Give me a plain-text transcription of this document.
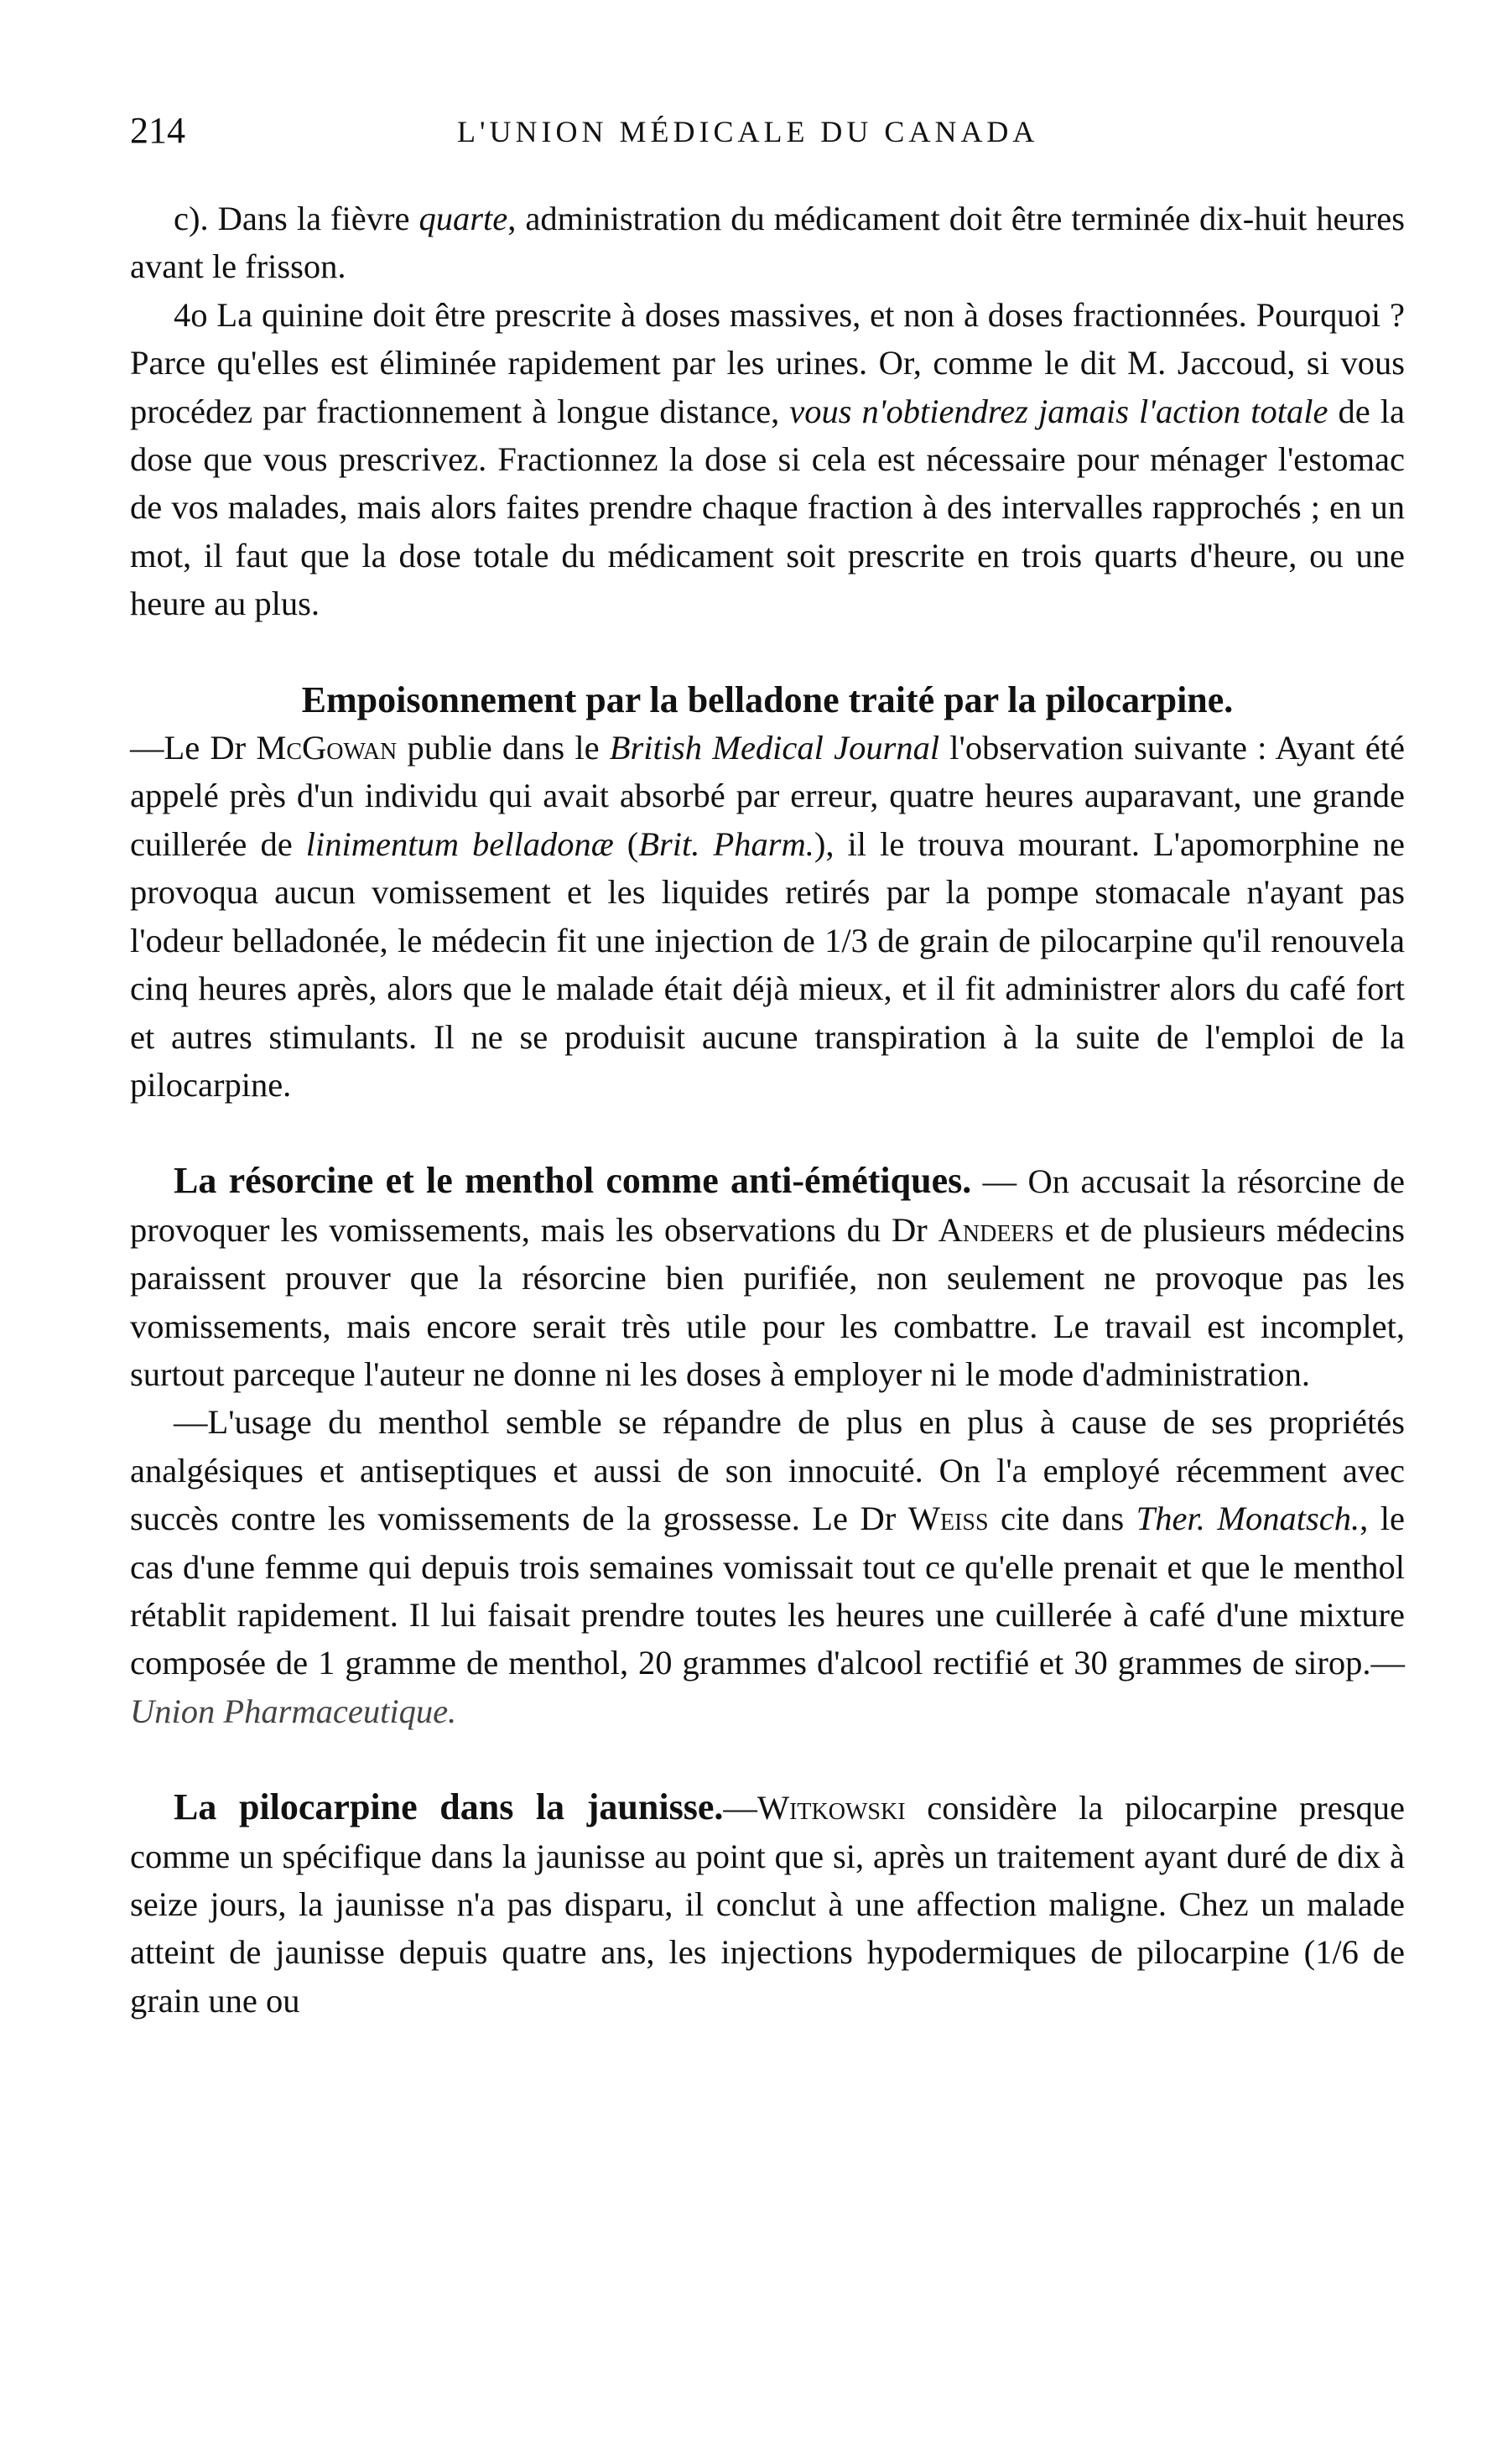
214	L'UNION MÉDICALE DU CANADA

c). Dans la fièvre quarte, administration du médicament doit être terminée dix-huit heures avant le frisson.

4o La quinine doit être prescrite à doses massives, et non à doses fractionnées. Pourquoi ? Parce qu'elles est éliminée rapidement par les urines. Or, comme le dit M. Jaccoud, si vous procédez par fractionnement à longue distance, vous n'obtiendrez jamais l'action totale de la dose que vous prescrivez. Fractionnez la dose si cela est nécessaire pour ménager l'estomac de vos malades, mais alors faites prendre chaque fraction à des intervalles rapprochés ; en un mot, il faut que la dose totale du médicament soit prescrite en trois quarts d'heure, ou une heure au plus.

Empoisonnement par la belladone traité par la pilocarpine.
—Le Dr McGowan publie dans le British Medical Journal l'observation suivante : Ayant été appelé près d'un individu qui avait absorbé par erreur, quatre heures auparavant, une grande cuillerée de linimentum belladonæ (Brit. Pharm.), il le trouva mourant. L'apomorphine ne provoqua aucun vomissement et les liquides retirés par la pompe stomacale n'ayant pas l'odeur belladonée, le médecin fit une injection de 1/3 de grain de pilocarpine qu'il renouvela cinq heures après, alors que le malade était déjà mieux, et il fit administrer alors du café fort et autres stimulants. Il ne se produisit aucune transpiration à la suite de l'emploi de la pilocarpine.

La résorcine et le menthol comme anti-émétiques. — On accusait la résorcine de provoquer les vomissements, mais les observations du Dr Andeers et de plusieurs médecins paraissent prouver que la résorcine bien purifiée, non seulement ne provoque pas les vomissements, mais encore serait très utile pour les combattre. Le travail est incomplet, surtout parceque l'auteur ne donne ni les doses à employer ni le mode d'administration.

—L'usage du menthol semble se répandre de plus en plus à cause de ses propriétés analgésiques et antiseptiques et aussi de son innocuité. On l'a employé récemment avec succès contre les vomissements de la grossesse. Le Dr Weiss cite dans Ther. Monatsch., le cas d'une femme qui depuis trois semaines vomissait tout ce qu'elle prenait et que le menthol rétablit rapidement. Il lui faisait prendre toutes les heures une cuillerée à café d'une mixture composée de 1 gramme de menthol, 20 grammes d'alcool rectifié et 30 grammes de sirop.—Union Pharmaceutique.

La pilocarpine dans la jaunisse.—Witkowski considère la pilocarpine presque comme un spécifique dans la jaunisse au point que si, après un traitement ayant duré de dix à seize jours, la jaunisse n'a pas disparu, il conclut à une affection maligne. Chez un malade atteint de jaunisse depuis quatre ans, les injections hypodermiques de pilocarpine (1/6 de grain une ou
